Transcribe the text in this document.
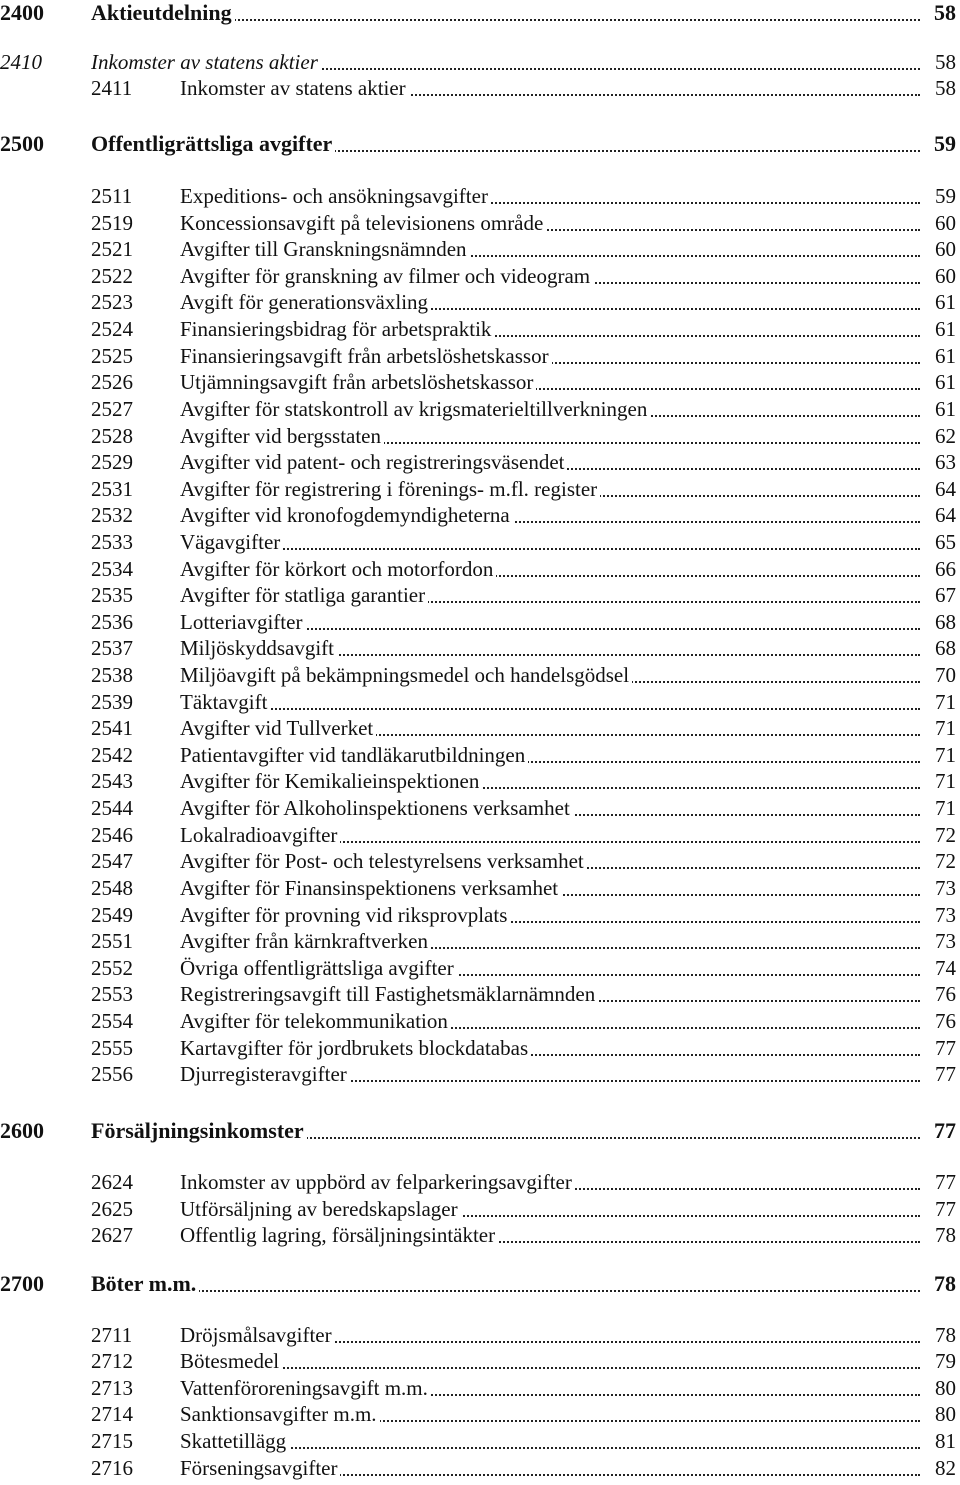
2400 Aktieutdelning	58
2410 Inkomster av statens aktier	58
2411 Inkomster av statens aktier	58
2500 Offentligrättsliga avgifter	59
2511 Expeditions- och ansökningsavgifter	59
2519 Koncessionsavgift på televisionens område	60
2521 Avgifter till Granskningsnämnden	60
2522 Avgifter för granskning av filmer och videogram	60
2523 Avgift för generationsväxling	61
2524 Finansieringsbidrag för arbetspraktik	61
2525 Finansieringsavgift från arbetslöshetskassor	61
2526 Utjämningsavgift från arbetslöshetskassor	61
2527 Avgifter för statskontroll av krigsmaterieltillverkningen	61
2528 Avgifter vid bergsstaten	62
2529 Avgifter vid patent- och registreringsväsendet	63
2531 Avgifter för registrering i förenings- m.fl. register	64
2532 Avgifter vid kronofogdemyndigheterna	64
2533 Vägavgifter	65
2534 Avgifter för körkort och motorfordon	66
2535 Avgifter för statliga garantier	67
2536 Lotteriavgifter	68
2537 Miljöskyddsavgift	68
2538 Miljöavgift på bekämpningsmedel och handelsgödsel	70
2539 Täktavgift	71
2541 Avgifter vid Tullverket	71
2542 Patientavgifter vid tandläkarutbildningen	71
2543 Avgifter för Kemikalieinspektionen	71
2544 Avgifter för Alkoholinspektionens verksamhet	71
2546 Lokalradioavgifter	72
2547 Avgifter för Post- och telestyrelsens verksamhet	72
2548 Avgifter för Finansinspektionens verksamhet	73
2549 Avgifter för provning vid riksprovplats	73
2551 Avgifter från kärnkraftverken	73
2552 Övriga offentligrättsliga avgifter	74
2553 Registreringsavgift till Fastighetsmäklarnämnden	76
2554 Avgifter för telekommunikation	76
2555 Kartavgifter för jordbrukets blockdatabas	77
2556 Djurregisteravgifter	77
2600 Försäljningsinkomster	77
2624 Inkomster av uppbörd av felparkeringsavgifter	77
2625 Utförsäljning av beredskapslager	77
2627 Offentlig lagring, försäljningsintäkter	78
2700 Böter m.m.	78
2711 Dröjsmålsavgifter	78
2712 Bötesmedel	79
2713 Vattenföroreningsavgift m.m.	80
2714 Sanktionsavgifter m.m.	80
2715 Skattetillägg	81
2716 Förseningsavgifter	82
